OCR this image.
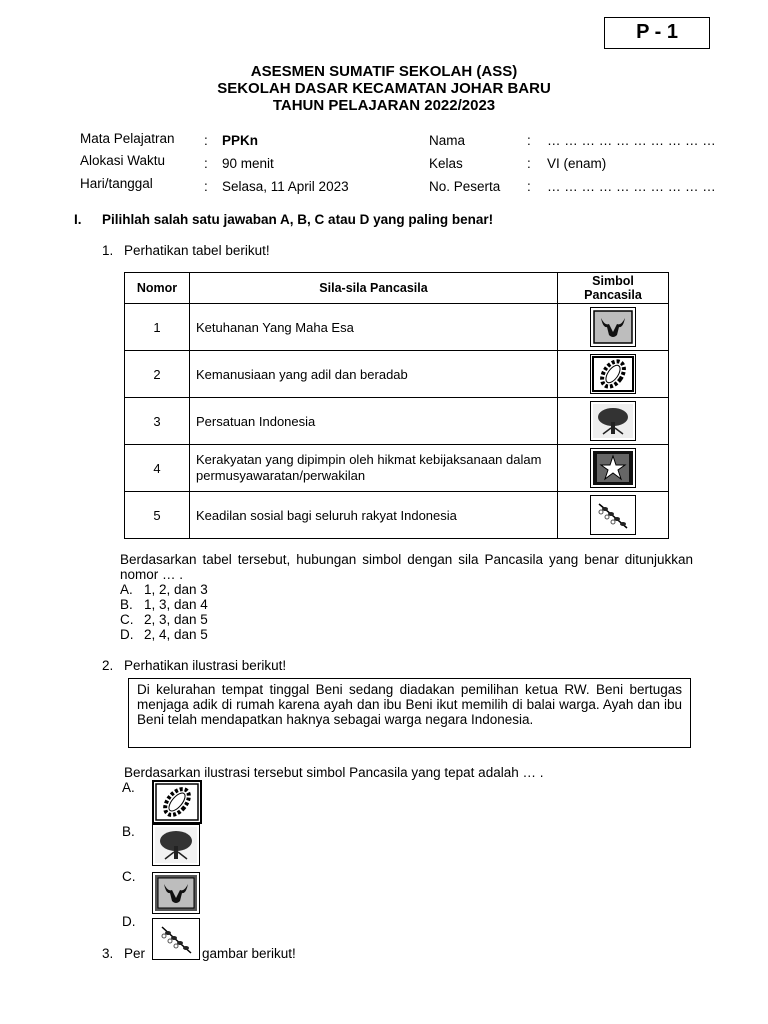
P - 1
ASESMEN SUMATIF SEKOLAH (ASS)
SEKOLAH DASAR KECAMATAN JOHAR BARU
TAHUN PELAJARAN 2022/2023
Mata Pelajatran : PPKn
Alokasi Waktu	: 90 menit
Hari/tanggal	: Selasa, 11 April 2023
Nama	: … … … … … … … … … …
Kelas	: VI (enam)
No. Peserta : … … … … … … … … … …
I. Pilihlah salah satu jawaban A, B, C atau D yang paling benar!
1. Perhatikan tabel berikut!
Nomor	Sila-sila Pancasila	Simbol Pancasila
1	Ketuhanan Yang Maha Esa	

2	Kemanusiaan yang adil dan beradab	

3	Persatuan Indonesia	

4	Kerakyatan yang dipimpin oleh hikmat kebijaksanaan dalam permusyawaratan/perwakilan	

5	Keadilan sosial bagi seluruh rakyat Indonesia	
Berdasarkan tabel tersebut, hubungan simbol dengan sila Pancasila yang benar ditunjukkan nomor … .
A. 1, 2, dan 3
B. 1, 3, dan 4
C. 2, 3, dan 5
D. 2, 4, dan 5
2. Perhatikan ilustrasi berikut!
Di kelurahan tempat tinggal Beni sedang diadakan pemilihan ketua RW. Beni bertugas menjaga adik di rumah karena ayah dan ibu Beni ikut memilih di balai warga. Ayah dan ibu Beni telah mendapatkan haknya sebagai warga negara Indonesia.
Berdasarkan ilustrasi tersebut simbol Pancasila yang tepat adalah … .
A.
B.
C.
D.
3. Per	gambar berikut!
